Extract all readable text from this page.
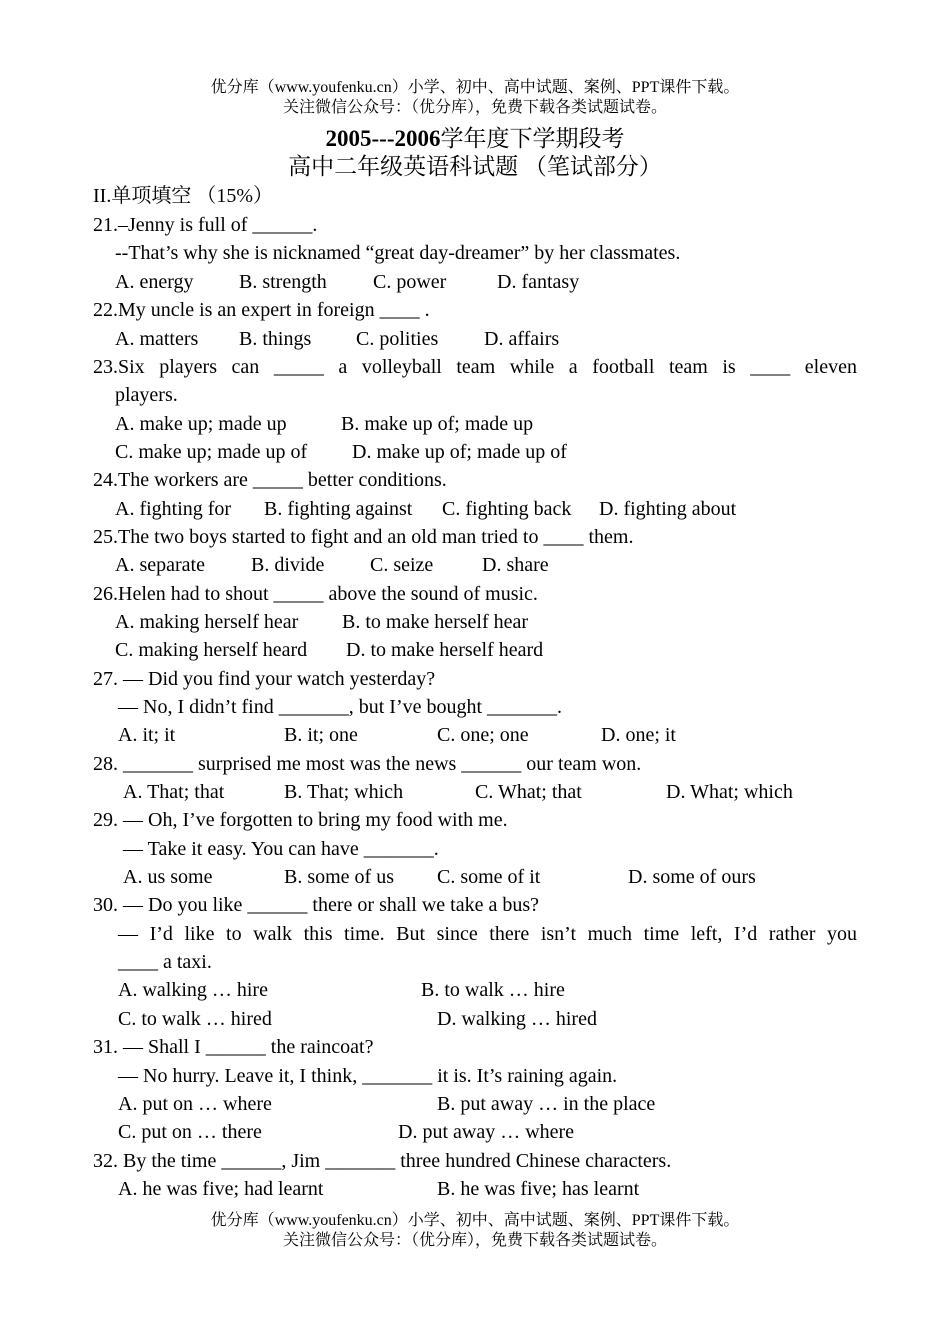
优分库（www.youfenku.cn）小学、初中、高中试题、案例、PPT课件下载。
关注微信公众号：（优分库），免费下载各类试题试卷。
2005---2006学年度下学期段考
高中二年级英语科试题 （笔试部分）
II.单项填空 （15%）
21.–Jenny is full of ______.
--That’s why she is nicknamed “great day-dreamer” by her classmates.
A. energy B. strength C. power	D. fantasy
22.My uncle is an expert in foreign ____ .
A. matters B. things C. polities D. affairs
23.Six players can _____ a volleyball team while a football team is ____ eleven
players.
A. make up; made up	B. make up of; made up
C. make up; made up of D. make up of; made up of
24.The workers are _____ better conditions.
A. fighting for B. fighting against C. fighting back D. fighting about
25.The two boys started to fight and an old man tried to ____ them.
A. separate B. divide C. seize D. share
26.Helen had to shout _____ above the sound of music.
A. making herself hear B. to make herself hear
C. making herself heard D. to make herself heard
27. — Did you find your watch yesterday?
— No, I didn’t find _______, but I’ve bought _______.
A. it; it	B. it; one	C. one; one	D. one; it
28. _______ surprised me most was the news ______ our team won.
A. That; that	B. That; which	C. What; that	D. What; which
29. — Oh, I’ve forgotten to bring my food with me.
— Take it easy. You can have _______.
A. us some	B. some of us C. some of it	D. some of ours
30. — Do you like ______ there or shall we take a bus?
— I’d like to walk this time. But since there isn’t much time left, I’d rather you
____ a taxi.
A. walking … hire	B. to walk … hire
C. to walk … hired	D. walking … hired
31. — Shall I ______ the raincoat?
— No hurry. Leave it, I think, _______ it is. It’s raining again.
A. put on … where	B. put away … in the place
C. put on … there	D. put away … where
32. By the time ______, Jim _______ three hundred Chinese characters.
A. he was five; had learnt	B. he was five; has learnt
优分库（www.youfenku.cn）小学、初中、高中试题、案例、PPT课件下载。
关注微信公众号：（优分库），免费下载各类试题试卷。
